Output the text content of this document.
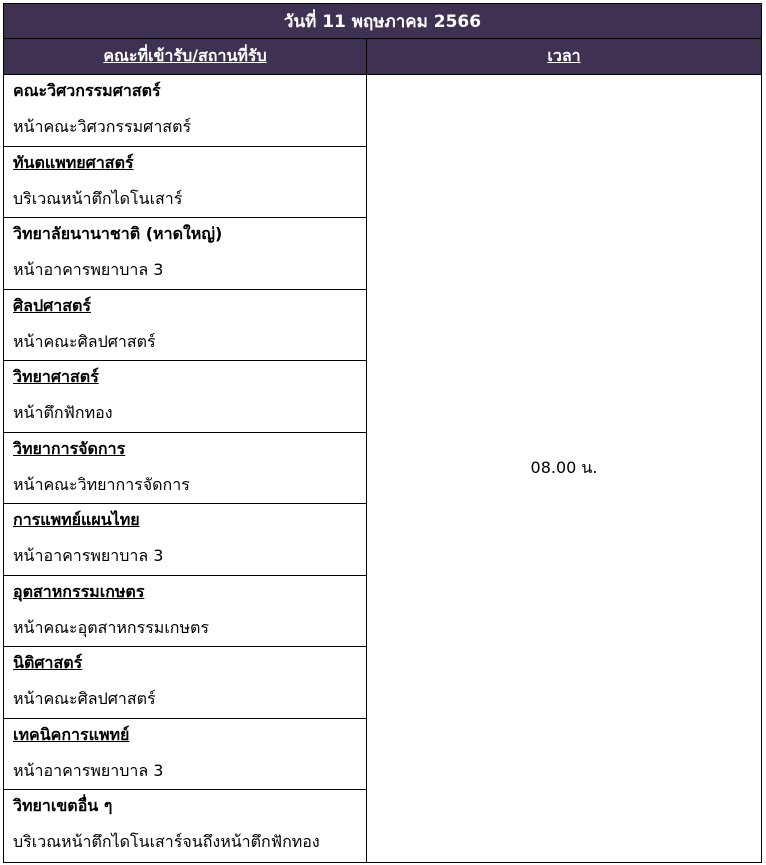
วันที่ 11 พฤษภาคม 2566
คณะที่เข้ารับ/สถานที่รับ	เวลา
คณะวิศวกรรมศาสตร์
หน้าคณะวิศวกรรมศาสตร์
ทันตแพทยศาสตร์
บริเวณหน้าตึกไดโนเสาร์
วิทยาลัยนานาชาติ (หาดใหญ่)
หน้าอาคารพยาบาล 3
ศิลปศาสตร์
หน้าคณะศิลปศาสตร์
วิทยาศาสตร์
หน้าตึกฟักทอง
วิทยาการจัดการ
หน้าคณะวิทยาการจัดการ
การแพทย์แผนไทย
หน้าอาคารพยาบาล 3
อุตสาหกรรมเกษตร
หน้าคณะอุตสาหกรรมเกษตร
นิติศาสตร์
หน้าคณะศิลปศาสตร์
เทคนิคการแพทย์
หน้าอาคารพยาบาล 3
วิทยาเขตอื่น ๆ
บริเวณหน้าตึกไดโนเสาร์จนถึงหน้าตึกฟักทอง
08.00 น.
